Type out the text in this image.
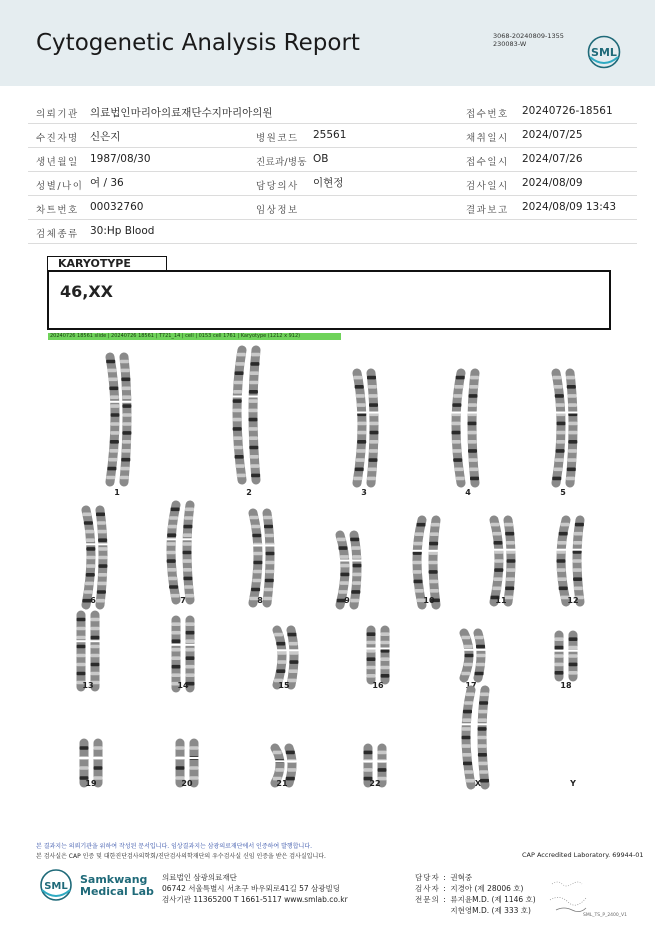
Cytogenetic Analysis Report	3068-20240809-1355
230083-W
SML
의뢰기관 의료법인마리아의료재단수지마리아의원	접수번호 20240726-18561
수진자명 신은지	병원코드 25561	채취일시 2024/07/25
생년월일 1987/08/30	진료과/병동 OB	접수일시 2024/07/26
성별/나이 여 / 36	담당의사 이현정	검사일시 2024/08/09
차트번호 00032760	임상정보	결과보고 2024/08/09 13:43
검체종류 30:Hp Blood
KARYOTYPE
46,XX
20240726 18561 slide | 20240726 18561 | T721_14 | cell | 0153 cell 1761 | Karyotype (1212 x 912)
1	2	3	4	5
6	7	8	9	10	11	12
13	14	15	16	17	18
19	20	21	22	X	Y
본 결과지는 의뢰기관을 위하여 작성된 문서입니다. 임상결과지는 삼광의료재단에서 인증하여 발행합니다.
본 검사실은 CAP 인증 및 대한진단검사의학회/진단검사의학재단의 우수검사실 신임 인증을 받은 검사실입니다.	CAP Accredited Laboratory. 69944-01
SML
Samkwang
Medical Lab
의료법인 삼광의료재단
06742 서울특별시 서초구 바우뫼로41길 57 삼광빌딩
검사기관 11365200 T 1661-5117 www.smlab.co.kr
담당자 : 권혁중
검사자 : 지경아 (제 28006 호)
전문의 : 류지윤M.D. (제 1146 호)
지현영M.D. (제 333 호)
SML_TS_P_2400_V1
